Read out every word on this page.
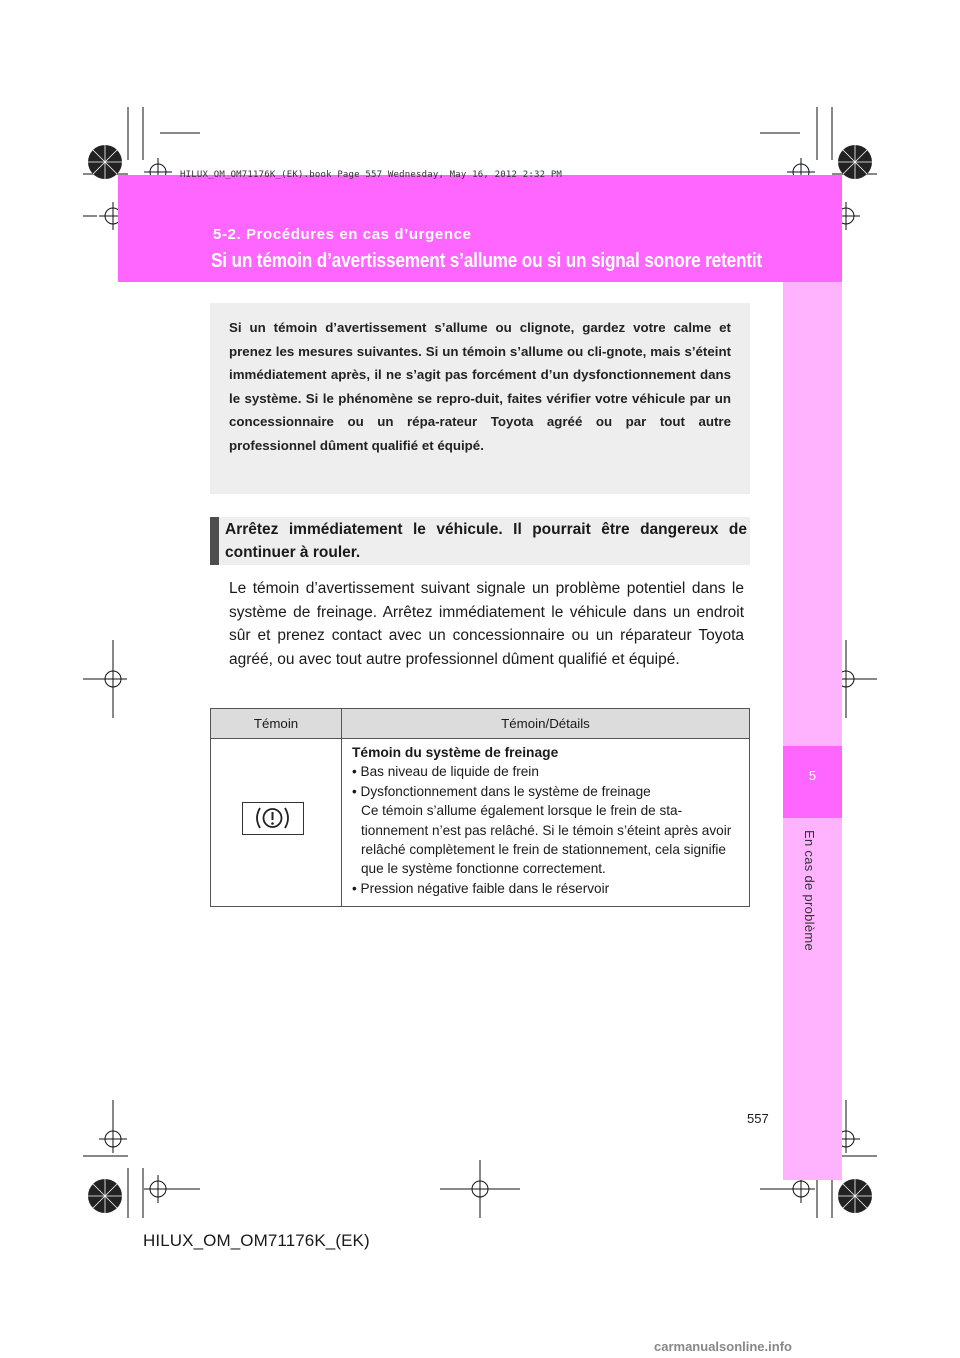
HILUX_OM_OM71176K_(EK).book Page 557 Wednesday, May 16, 2012 2:32 PM
5-2. Procédures en cas d’urgence
Si un témoin d’avertissement s’allume ou si un signal sonore retentit
5
En cas de problème
Si un témoin d’avertissement s’allume ou clignote, gardez votre calme et prenez les mesures suivantes. Si un témoin s’allume ou cli-gnote, mais s’éteint immédiatement après, il ne s’agit pas forcément d’un dysfonctionnement dans le système. Si le phénomène se repro-duit, faites vérifier votre véhicule par un concessionnaire ou un répa-rateur Toyota agréé ou par tout autre professionnel dûment qualifié et équipé.
Arrêtez immédiatement le véhicule. Il pourrait être dangereux de continuer à rouler.
Le témoin d’avertissement suivant signale un problème potentiel dans le système de freinage. Arrêtez immédiatement le véhicule dans un endroit sûr et prenez contact avec un concessionnaire ou un réparateur Toyota agréé, ou avec tout autre professionnel dûment qualifié et équipé.
Témoin	Témoin/Détails

Témoin du système de freinage
• Bas niveau de liquide de frein
• Dysfonctionnement dans le système de freinage
Ce témoin s’allume également lorsque le frein de sta-tionnement n’est pas relâché. Si le témoin s’éteint après avoir relâché complètement le frein de stationnement, cela signifie que le système fonctionne correctement.
• Pression négative faible dans le réservoir
557
HILUX_OM_OM71176K_(EK)
carmanualsonline.info
